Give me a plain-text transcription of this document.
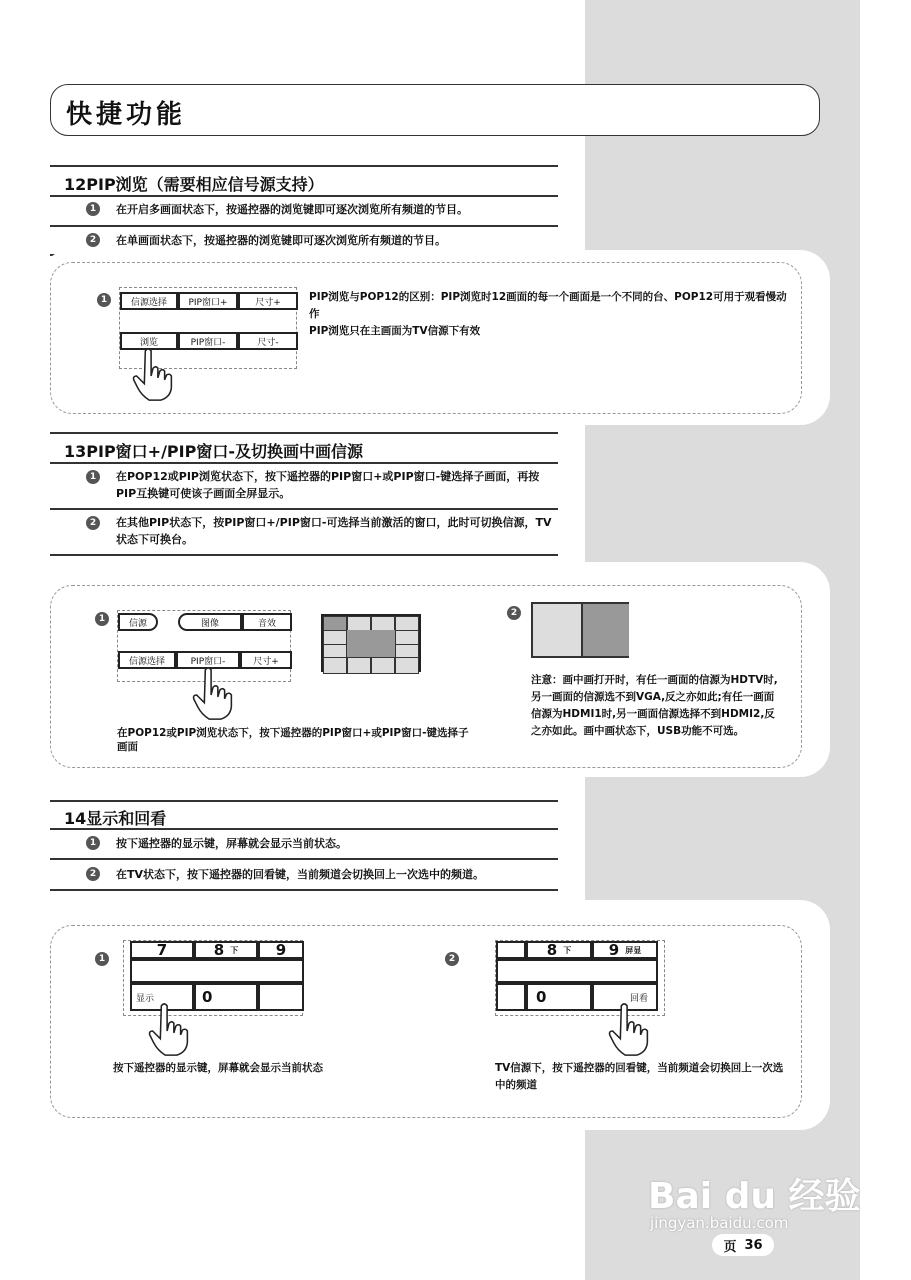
快捷功能
12PIP浏览（需要相应信号源支持）
1	在开启多画面状态下，按遥控器的浏览键即可逐次浏览所有频道的节目。
2	在单画面状态下，按遥控器的浏览键即可逐次浏览所有频道的节目。
1	信源选择	PIP窗口+	尺寸+
浏览	PIP窗口-	尺寸-
PIP浏览与POP12的区别：PIP浏览时12画面的每一个画面是一个不同的台、POP12可用于观看慢动作
PIP浏览只在主画面为TV信源下有效
13PIP窗口+/PIP窗口-及切换画中画信源
1	在POP12或PIP浏览状态下，按下遥控器的PIP窗口+或PIP窗口-键选择子画面，再按PIP互换键可使该子画面全屏显示。
2	在其他PIP状态下，按PIP窗口+/PIP窗口-可选择当前激活的窗口，此时可切换信源，TV状态下可换台。
1	信源	图像	音效
信源选择	PIP窗口-	尺寸+
在POP12或PIP浏览状态下，按下遥控器的PIP窗口+或PIP窗口-键选择子画面
2
注意：画中画打开时，有任一画面的信源为HDTV时,另一画面的信源选不到VGA,反之亦如此;有任一画面信源为HDMI1时,另一画面信源选择不到HDMI2,反之亦如此。画中画状态下，USB功能不可选。
14显示和回看
1	按下遥控器的显示键，屏幕就会显示当前状态。
2	在TV状态下，按下遥控器的回看键，当前频道会切换回上一次选中的频道。
1	7	8 下	9
显示	0
按下遥控器的显示键，屏幕就会显示当前状态
2	8 下	9 屏显
0	回看
TV信源下，按下遥控器的回看键，当前频道会切换回上一次选中的频道
Bai du 经验
jingyan.baidu.com
页 36
